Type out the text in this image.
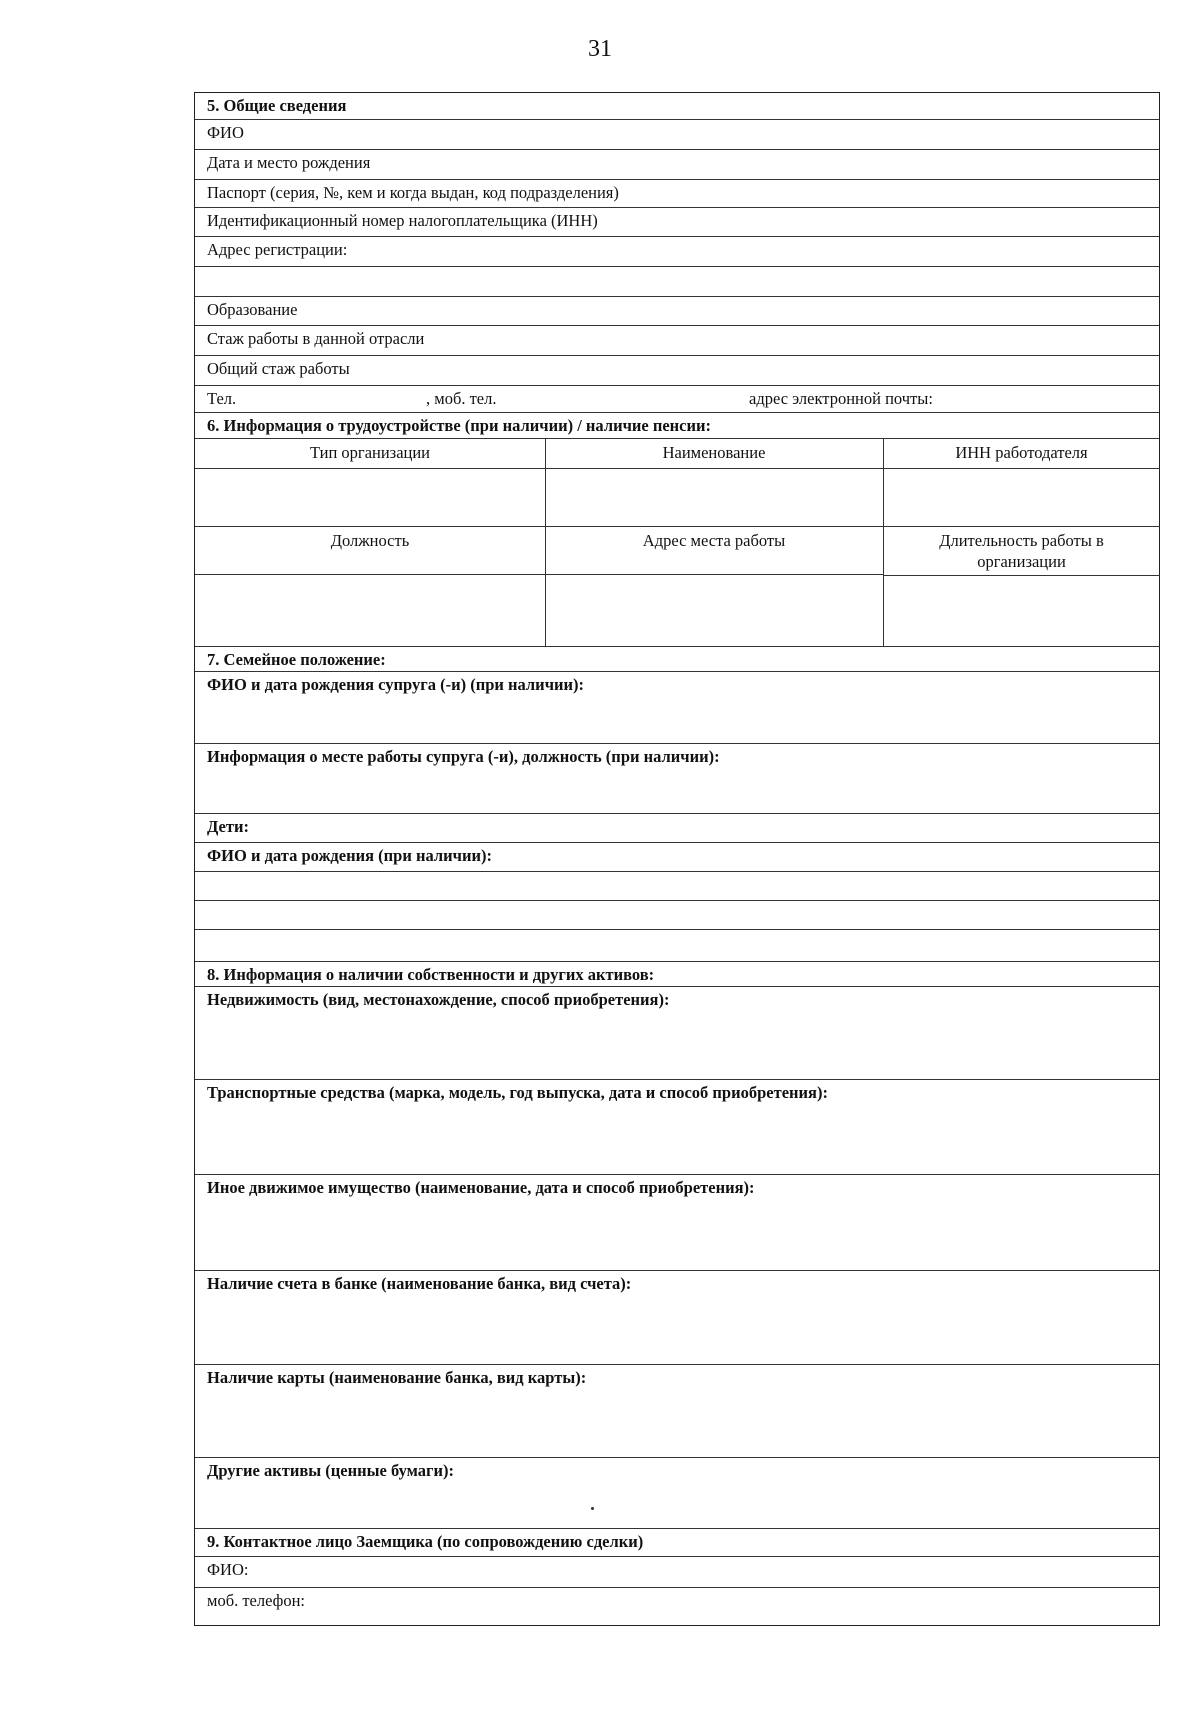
31
5. Общие сведения
ФИО
Дата и место рождения
Паспорт (серия, №, кем и когда выдан, код подразделения)
Идентификационный номер налогоплательщика (ИНН)
Адрес регистрации:
Образование
Стаж работы в данной отрасли
Общий стаж работы
Тел.	, моб. тел.	адрес электронной почты:
6. Информация о трудоустройстве (при наличии) / наличие пенсии:
Тип организации	Наименование	ИНН работодателя
Должность	Адрес места работы	Длительность работы в организации
7. Семейное положение:
ФИО и дата рождения супруга (-и) (при наличии):
Информация о месте работы супруга (-и), должность (при наличии):
Дети:
ФИО и дата рождения (при наличии):
8. Информация о наличии собственности и других активов:
Недвижимость (вид, местонахождение, способ приобретения):
Транспортные средства (марка, модель, год выпуска, дата и способ приобретения):
Иное движимое имущество (наименование, дата и способ приобретения):
Наличие счета в банке (наименование банка, вид счета):
Наличие карты (наименование банка, вид карты):
Другие активы (ценные бумаги):
9. Контактное лицо Заемщика (по сопровождению сделки)
ФИО:
моб. телефон:
